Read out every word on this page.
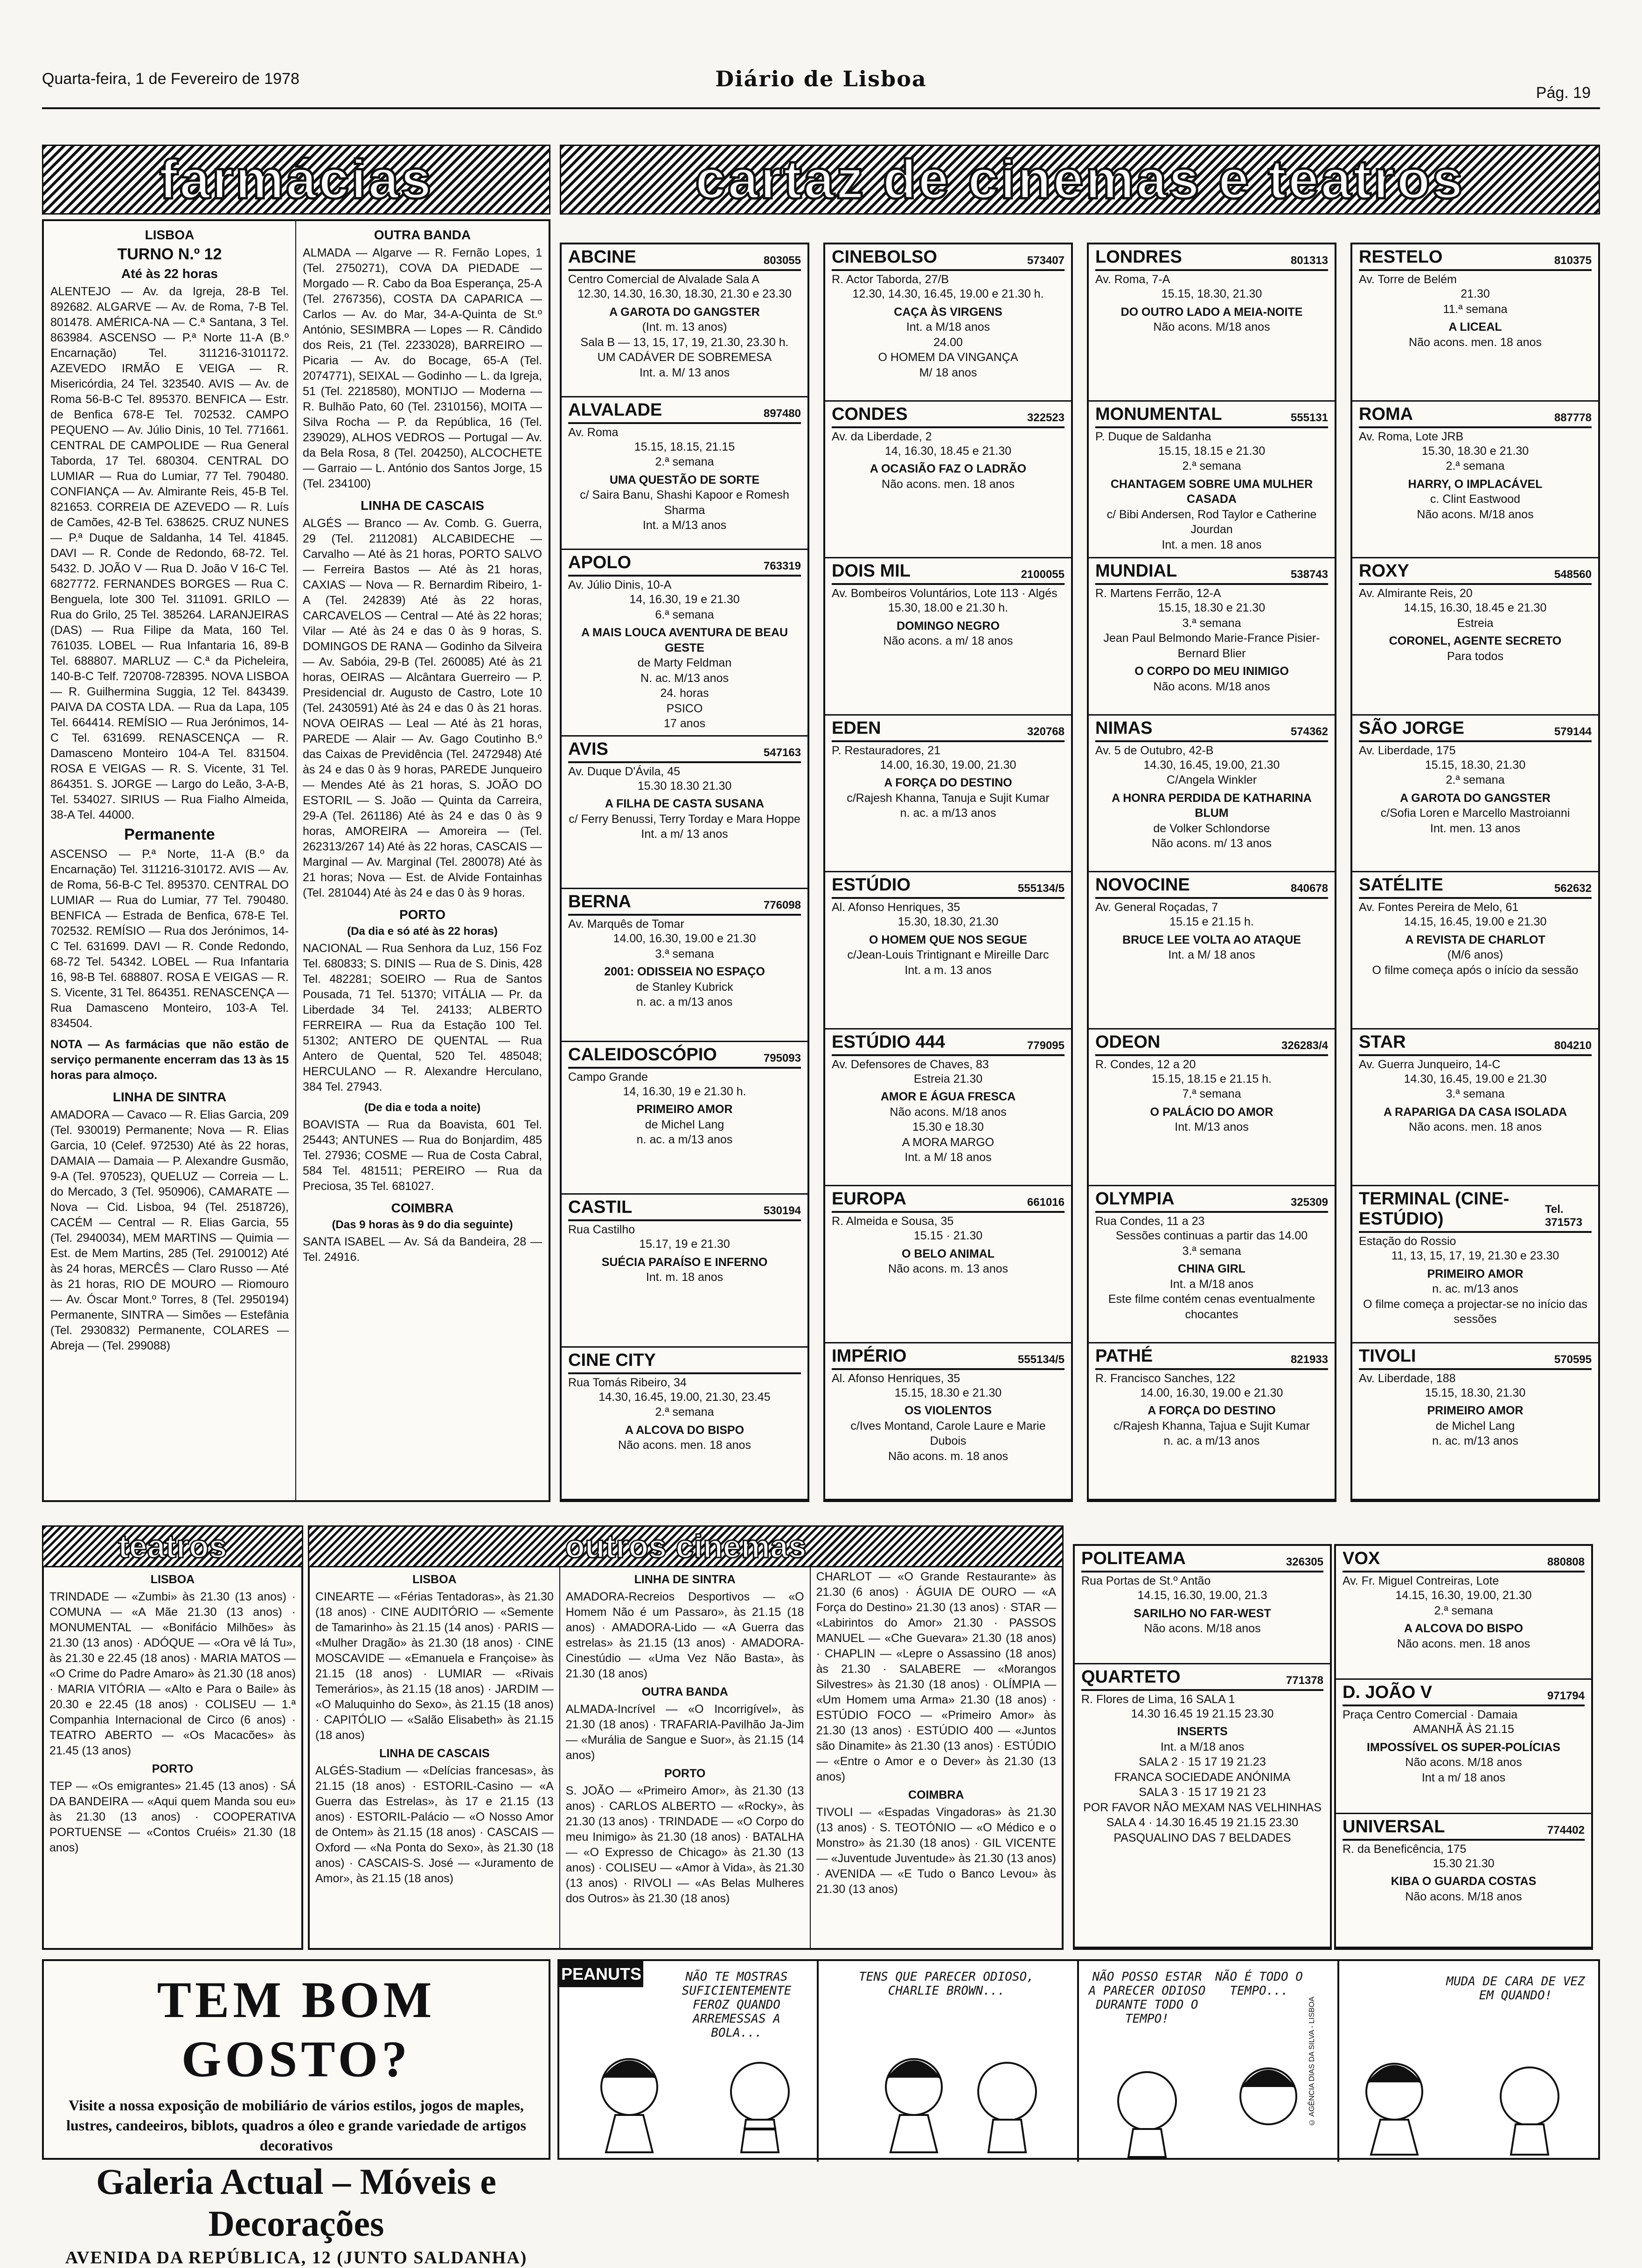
Quarta-feira, 1 de Fevereiro de 1978	Diário de Lisboa
Pág. 19
farmácias	cartaz de cinemas e teatros
LISBOA
TURNO N.º 12
Até às 22 horas
ALENTEJO — Av. da Igreja, 28-B Tel. 892682. ALGARVE — Av. de Roma, 7-B Tel. 801478. AMÉRICA-NA — C.ª Santana, 3 Tel. 863984. ASCENSO — P.ª Norte 11-A (B.º Encarnação) Tel. 311216-3101172. AZEVEDO IRMÃO E VEIGA — R. Misericórdia, 24 Tel. 323540. AVIS — Av. de Roma 56-B-C Tel. 895370. BENFICA — Estr. de Benfica 678-E Tel. 702532. CAMPO PEQUENO — Av. Júlio Dinis, 10 Tel. 771661. CENTRAL DE CAMPOLIDE — Rua General Taborda, 17 Tel. 680304. CENTRAL DO LUMIAR — Rua do Lumiar, 77 Tel. 790480. CONFIANÇA — Av. Almirante Reis, 45-B Tel. 821653. CORREIA DE AZEVEDO — R. Luís de Camões, 42-B Tel. 638625. CRUZ NUNES — P.ª Duque de Saldanha, 14 Tel. 41845. DAVI — R. Conde de Redondo, 68-72. Tel. 5432. D. JOÃO V — Rua D. João V 16-C Tel. 6827772. FERNANDES BORGES — Rua C. Benguela, lote 300 Tel. 311091. GRILO — Rua do Grilo, 25 Tel. 385264. LARANJEIRAS (DAS) — Rua Filipe da Mata, 160 Tel. 761035. LOBEL — Rua Infantaria 16, 89-B Tel. 688807. MARLUZ — C.ª da Picheleira, 140-B-C Telf. 720708-728395. NOVA LISBOA — R. Guilhermina Suggia, 12 Tel. 843439. PAIVA DA COSTA LDA. — Rua da Lapa, 105 Tel. 664414. REMÍSIO — Rua Jerónimos, 14-C Tel. 631699. RENASCENÇA — R. Damasceno Monteiro 104-A Tel. 831504. ROSA E VEIGAS — R. S. Vicente, 31 Tel. 864351. S. JORGE — Largo do Leão, 3-A-B, Tel. 534027. SIRIUS — Rua Fialho Almeida, 38-A Tel. 44000.
Permanente
ASCENSO — P.ª Norte, 11-A (B.º da Encarnação) Tel. 311216-310172. AVIS — Av. de Roma, 56-B-C Tel. 895370. CENTRAL DO LUMIAR — Rua do Lumiar, 77 Tel. 790480. BENFICA — Estrada de Benfica, 678-E Tel. 702532. REMÍSIO — Rua dos Jerónimos, 14-C Tel. 631699. DAVI — R. Conde Redondo, 68-72 Tel. 54342. LOBEL — Rua Infantaria 16, 98-B Tel. 688807. ROSA E VEIGAS — R. S. Vicente, 31 Tel. 864351. RENASCENÇA — Rua Damasceno Monteiro, 103-A Tel. 834504.
NOTA — As farmácias que não estão de serviço permanente encerram das 13 às 15 horas para almoço.
LINHA DE SINTRA
AMADORA — Cavaco — R. Elias Garcia, 209 (Tel. 930019) Permanente; Nova — R. Elias Garcia, 10 (Celef. 972530) Até às 22 horas, DAMAIA — Damaia — P. Alexandre Gusmão, 9-A (Tel. 970523), QUELUZ — Correia — L. do Mercado, 3 (Tel. 950906), CAMARATE — Nova — Cid. Lisboa, 94 (Tel. 2518726), CACÉM — Central — R. Elias Garcia, 55 (Tel. 2940034), MEM MARTINS — Quimia — Est. de Mem Martins, 285 (Tel. 2910012) Até às 24 horas, MERCÊS — Claro Russo — Até às 21 horas, RIO DE MOURO — Riomouro — Av. Óscar Mont.º Torres, 8 (Tel. 2950194) Permanente, SINTRA — Simões — Estefânia (Tel. 2930832) Permanente, COLARES — Abreja — (Tel. 299088)
OUTRA BANDA
ALMADA — Algarve — R. Fernão Lopes, 1 (Tel. 2750271), COVA DA PIEDADE — Morgado — R. Cabo da Boa Esperança, 25-A (Tel. 2767356), COSTA DA CAPARICA — Carlos — Av. do Mar, 34-A-Quinta de St.º António, SESIMBRA — Lopes — R. Cândido dos Reis, 21 (Tel. 2233028), BARREIRO — Picaria — Av. do Bocage, 65-A (Tel. 2074771), SEIXAL — Godinho — L. da Igreja, 51 (Tel. 2218580), MONTIJO — Moderna — R. Bulhão Pato, 60 (Tel. 2310156), MOITA — Silva Rocha — P. da República, 16 (Tel. 239029), ALHOS VEDROS — Portugal — Av. da Bela Rosa, 8 (Tel. 204250), ALCOCHETE — Garraio — L. António dos Santos Jorge, 15 (Tel. 234100)
LINHA DE CASCAIS
ALGÉS — Branco — Av. Comb. G. Guerra, 29 (Tel. 2112081) ALCABIDECHE — Carvalho — Até às 21 horas, PORTO SALVO — Ferreira Bastos — Até às 21 horas, CAXIAS — Nova — R. Bernardim Ribeiro, 1-A (Tel. 242839) Até às 22 horas, CARCAVELOS — Central — Até às 22 horas; Vilar — Até às 24 e das 0 às 9 horas, S. DOMINGOS DE RANA — Godinho da Silveira — Av. Sabóia, 29-B (Tel. 260085) Até às 21 horas, OEIRAS — Alcântara Guerreiro — P. Presidencial dr. Augusto de Castro, Lote 10 (Tel. 2430591) Até às 24 e das 0 às 21 horas. NOVA OEIRAS — Leal — Até às 21 horas, PAREDE — Alair — Av. Gago Coutinho B.º das Caixas de Previdência (Tel. 2472948) Até às 24 e das 0 às 9 horas, PAREDE Junqueiro — Mendes Até às 21 horas, S. JOÃO DO ESTORIL — S. João — Quinta da Carreira, 29-A (Tel. 261186) Até às 24 e das 0 às 9 horas, AMOREIRA — Amoreira — (Tel. 262313/267 14) Até às 22 horas, CASCAIS — Marginal — Av. Marginal (Tel. 280078) Até às 21 horas; Nova — Est. de Alvide Fontainhas (Tel. 281044) Até às 24 e das 0 às 9 horas.
PORTO
(Da dia e só até às 22 horas)
NACIONAL — Rua Senhora da Luz, 156 Foz Tel. 680833; S. DINIS — Rua de S. Dinis, 428 Tel. 482281; SOEIRO — Rua de Santos Pousada, 71 Tel. 51370; VITÁLIA — Pr. da Liberdade 34 Tel. 24133; ALBERTO FERREIRA — Rua da Estação 100 Tel. 51302; ANTERO DE QUENTAL — Rua Antero de Quental, 520 Tel. 485048; HERCULANO — R. Alexandre Herculano, 384 Tel. 27943.
(De dia e toda a noite)
BOAVISTA — Rua da Boavista, 601 Tel. 25443; ANTUNES — Rua do Bonjardim, 485 Tel. 27936; COSME — Rua de Costa Cabral, 584 Tel. 481511; PEREIRO — Rua da Preciosa, 35 Tel. 681027.
COIMBRA
(Das 9 horas às 9 do dia seguinte)
SANTA ISABEL — Av. Sá da Bandeira, 28 — Tel. 24916.
ABCINE	803055
Centro Comercial de Alvalade Sala A
12.30, 14.30, 16.30, 18.30, 21.30 e 23.30
A GAROTA DO GANGSTER
(Int. m. 13 anos)
Sala B — 13, 15, 17, 19, 21.30, 23.30 h.
UM CADÁVER DE SOBREMESA
Int. a. M/ 13 anos
ALVALADE	897480
Av. Roma
15.15, 18.15, 21.15
2.ª semana
UMA QUESTÃO DE SORTE
c/ Saira Banu, Shashi Kapoor e Romesh Sharma
Int. a M/13 anos
APOLO	763319
Av. Júlio Dinis, 10-A
14, 16.30, 19 e 21.30
6.ª semana
A MAIS LOUCA AVENTURA DE BEAU GESTE
de Marty Feldman
N. ac. M/13 anos
24. horas
PSICO
17 anos
AVIS	547163
Av. Duque D'Ávila, 45
15.30 18.30 21.30
A FILHA DE CASTA SUSANA
c/ Ferry Benussi, Terry Torday e Mara Hoppe
Int. a m/ 13 anos
BERNA	776098
Av. Marquês de Tomar
14.00, 16.30, 19.00 e 21.30
3.ª semana
2001: ODISSEIA NO ESPAÇO
de Stanley Kubrick
n. ac. a m/13 anos
CALEIDOSCÓPIO	795093
Campo Grande
14, 16.30, 19 e 21.30 h.
PRIMEIRO AMOR
de Michel Lang
n. ac. a m/13 anos
CASTIL	530194
Rua Castilho
15.17, 19 e 21.30
SUÉCIA PARAÍSO E INFERNO
Int. m. 18 anos
CINE CITY
Rua Tomás Ribeiro, 34
14.30, 16.45, 19.00, 21.30, 23.45
2.ª semana
A ALCOVA DO BISPO
Não acons. men. 18 anos
CINEBOLSO	573407
R. Actor Taborda, 27/B
12.30, 14.30, 16.45, 19.00 e 21.30 h.
CAÇA ÀS VIRGENS
Int. a M/18 anos
24.00
O HOMEM DA VINGANÇA
M/ 18 anos
CONDES	322523
Av. da Liberdade, 2
14, 16.30, 18.45 e 21.30
A OCASIÃO FAZ O LADRÃO
Não acons. men. 18 anos
DOIS MIL	2100055
Av. Bombeiros Voluntários, Lote 113 · Algés
15.30, 18.00 e 21.30 h.
DOMINGO NEGRO
Não acons. a m/ 18 anos
EDEN	320768
P. Restauradores, 21
14.00, 16.30, 19.00, 21.30
A FORÇA DO DESTINO
c/Rajesh Khanna, Tanuja e Sujit Kumar
n. ac. a m/13 anos
ESTÚDIO	555134/5
Al. Afonso Henriques, 35
15.30, 18.30, 21.30
O HOMEM QUE NOS SEGUE
c/Jean-Louis Trintignant e Mireille Darc
Int. a m. 13 anos
ESTÚDIO 444	779095
Av. Defensores de Chaves, 83
Estreia 21.30
AMOR E ÁGUA FRESCA
Não acons. M/18 anos
15.30 e 18.30
A MORA MARGO
Int. a M/ 18 anos
EUROPA	661016
R. Almeida e Sousa, 35
15.15 · 21.30
O BELO ANIMAL
Não acons. m. 13 anos
IMPÉRIO	555134/5
Al. Afonso Henriques, 35
15.15, 18.30 e 21.30
OS VIOLENTOS
c/Ives Montand, Carole Laure e Marie Dubois
Não acons. m. 18 anos
LONDRES	801313
Av. Roma, 7-A
15.15, 18.30, 21.30
DO OUTRO LADO A MEIA-NOITE
Não acons. M/18 anos
MONUMENTAL	555131
P. Duque de Saldanha
15.15, 18.15 e 21.30
2.ª semana
CHANTAGEM SOBRE UMA MULHER CASADA
c/ Bibi Andersen, Rod Taylor e Catherine Jourdan
Int. a men. 18 anos
MUNDIAL	538743
R. Martens Ferrão, 12-A
15.15, 18.30 e 21.30
3.ª semana
Jean Paul Belmondo Marie-France Pisier-Bernard Blier
O CORPO DO MEU INIMIGO
Não acons. M/18 anos
NIMAS	574362
Av. 5 de Outubro, 42-B
14.30, 16.45, 19.00, 21.30
C/Angela Winkler
A HONRA PERDIDA DE KATHARINA BLUM
de Volker Schlondorse
Não acons. m/ 13 anos
NOVOCINE	840678
Av. General Roçadas, 7
15.15 e 21.15 h.
BRUCE LEE VOLTA AO ATAQUE
Int. a M/ 18 anos
ODEON	326283/4
R. Condes, 12 a 20
15.15, 18.15 e 21.15 h.
7.ª semana
O PALÁCIO DO AMOR
Int. M/13 anos
OLYMPIA	325309
Rua Condes, 11 a 23
Sessões continuas a partir das 14.00
3.ª semana
CHINA GIRL
Int. a M/18 anos
Este filme contém cenas eventualmente chocantes
PATHÉ	821933
R. Francisco Sanches, 122
14.00, 16.30, 19.00 e 21.30
A FORÇA DO DESTINO
c/Rajesh Khanna, Tajua e Sujit Kumar
n. ac. a m/13 anos
RESTELO	810375
Av. Torre de Belém
21.30
11.ª semana
A LICEAL
Não acons. men. 18 anos
ROMA	887778
Av. Roma, Lote JRB
15.30, 18.30 e 21.30
2.ª semana
HARRY, O IMPLACÁVEL
c. Clint Eastwood
Não acons. M/18 anos
ROXY	548560
Av. Almirante Reis, 20
14.15, 16.30, 18.45 e 21.30
Estreia
CORONEL, AGENTE SECRETO
Para todos
SÃO JORGE	579144
Av. Liberdade, 175
15.15, 18.30, 21.30
2.ª semana
A GAROTA DO GANGSTER
c/Sofia Loren e Marcello Mastroianni
Int. men. 13 anos
SATÉLITE	562632
Av. Fontes Pereira de Melo, 61
14.15, 16.45, 19.00 e 21.30
A REVISTA DE CHARLOT
(M/6 anos)
O filme começa após o início da sessão
STAR	804210
Av. Guerra Junqueiro, 14-C
14.30, 16.45, 19.00 e 21.30
3.ª semana
A RAPARIGA DA CASA ISOLADA
Não acons. men. 18 anos
TERMINAL (CINE-ESTÚDIO)	Tel. 371573
Estação do Rossio
11, 13, 15, 17, 19, 21.30 e 23.30
PRIMEIRO AMOR
n. ac. m/13 anos
O filme começa a projectar-se no início das sessões
TIVOLI	570595
Av. Liberdade, 188
15.15, 18.30, 21.30
PRIMEIRO AMOR
de Michel Lang
n. ac. m/13 anos
POLITEAMA	326305
Rua Portas de St.º Antão
14.15, 16.30, 19.00, 21.3
SARILHO NO FAR-WEST
Não acons. M/18 anos
QUARTETO	771378
R. Flores de Lima, 16 SALA 1
14.30 16.45 19 21.15 23.30
INSERTS
Int. a M/18 anos
SALA 2 · 15 17 19 21.23
FRANCA SOCIEDADE ANÓNIMA
SALA 3 · 15 17 19 21 23
POR FAVOR NÃO MEXAM NAS VELHINHAS
SALA 4 · 14.30 16.45 19 21.15 23.30
PASQUALINO DAS 7 BELDADES
VOX	880808
Av. Fr. Miguel Contreiras, Lote
14.15, 16.30, 19.00, 21.30
2.ª semana
A ALCOVA DO BISPO
Não acons. men. 18 anos
D. JOÃO V	971794
Praça Centro Comercial · Damaia
AMANHÃ ÀS 21.15
IMPOSSÍVEL OS SUPER-POLÍCIAS
Não acons. M/18 anos
Int a m/ 18 anos
UNIVERSAL	774402
R. da Beneficência, 175
15.30 21.30
KIBA O GUARDA COSTAS
Não acons. M/18 anos
teatros
LISBOA
TRINDADE — «Zumbi» às 21.30 (13 anos) · COMUNA — «A Mãe 21.30 (13 anos) · MONUMENTAL — «Bonifácio Milhões» às 21.30 (13 anos) · ADÓQUE — «Ora vê lá Tu», às 21.30 e 22.45 (18 anos) · MARIA MATOS — «O Crime do Padre Amaro» às 21.30 (18 anos) · MARIA VITÓRIA — «Alto e Para o Baile» às 20.30 e 22.45 (18 anos) · COLISEU — 1.ª Companhia Internacional de Circo (6 anos) · TEATRO ABERTO — «Os Macacões» às 21.45 (13 anos)
PORTO
TEP — «Os emigrantes» 21.45 (13 anos) · SÁ DA BANDEIRA — «Aqui quem Manda sou eu» às 21.30 (13 anos) · COOPERATIVA PORTUENSE — «Contos Cruéis» 21.30 (18 anos)
outros cinemas
LISBOA
CINEARTE — «Férias Tentadoras», às 21.30 (18 anos) · CINE AUDITÓRIO — «Semente de Tamarinho» às 21.15 (14 anos) · PARIS — «Mulher Dragão» às 21.30 (18 anos) · CINE MOSCAVIDE — «Emanuela e Françoise» às 21.15 (18 anos) · LUMIAR — «Rivais Temerários», às 21.15 (18 anos) · JARDIM — «O Maluquinho do Sexo», às 21.15 (18 anos) · CAPITÓLIO — «Salão Elisabeth» às 21.15 (18 anos)
LINHA DE CASCAIS
ALGÉS-Stadium — «Delícias francesas», às 21.15 (18 anos) · ESTORIL-Casino — «A Guerra das Estrelas», às 17 e 21.15 (13 anos) · ESTORIL-Palácio — «O Nosso Amor de Ontem» às 21.15 (18 anos) · CASCAIS — Oxford — «Na Ponta do Sexo», às 21.30 (18 anos) · CASCAIS-S. José — «Juramento de Amor», às 21.15 (18 anos)
LINHA DE SINTRA
AMADORA-Recreios Desportivos — «O Homem Não é um Passaro», às 21.15 (18 anos) · AMADORA-Lido — «A Guerra das estrelas» às 21.15 (13 anos) · AMADORA-Cinestúdio — «Uma Vez Não Basta», às 21.30 (18 anos)
OUTRA BANDA
ALMADA-Incrível — «O Incorrigível», às 21.30 (18 anos) · TRAFARIA-Pavilhão Ja-Jim — «Murália de Sangue e Suor», às 21.15 (14 anos)
PORTO
S. JOÃO — «Primeiro Amor», às 21.30 (13 anos) · CARLOS ALBERTO — «Rocky», às 21.30 (13 anos) · TRINDADE — «O Corpo do meu Inimigo» às 21.30 (18 anos) · BATALHA — «O Expresso de Chicago» às 21.30 (13 anos) · COLISEU — «Amor à Vida», às 21.30 (13 anos) · RIVOLI — «As Belas Mulheres dos Outros» às 21.30 (18 anos)
CHARLOT — «O Grande Restaurante» às 21.30 (6 anos) · ÁGUIA DE OURO — «A Força do Destino» 21.30 (13 anos) · STAR — «Labirintos do Amor» 21.30 · PASSOS MANUEL — «Che Guevara» 21.30 (18 anos) · CHAPLIN — «Lepre o Assassino (18 anos) às 21.30 · SALABERE — «Morangos Silvestres» às 21.30 (18 anos) · OLÍMPIA — «Um Homem uma Arma» 21.30 (18 anos) · ESTÚDIO FOCO — «Primeiro Amor» às 21.30 (13 anos) · ESTÚDIO 400 — «Juntos são Dinamite» às 21.30 (13 anos) · ESTÚDIO — «Entre o Amor e o Dever» às 21.30 (13 anos)
COIMBRA
TIVOLI — «Espadas Vingadoras» às 21.30 (13 anos) · S. TEOTÓNIO — «O Médico e o Monstro» às 21.30 (18 anos) · GIL VICENTE — «Juventude Juventude» às 21.30 (13 anos) · AVENIDA — «E Tudo o Banco Levou» às 21.30 (13 anos)
TEM BOM GOSTO?
Visite a nossa exposição de mobiliário de vários estilos, jogos de maples, lustres, candeeiros, biblots, quadros a óleo e grande variedade de artigos decorativos
Galeria Actual – Móveis e Decorações
AVENIDA DA REPÚBLICA, 12 (JUNTO SALDANHA)
PEANUTS	NÃO TE MOSTRAS SUFICIENTEMENTE FEROZ QUANDO ARREMESSAS A BOLA...
TENS QUE PARECER ODIOSO, CHARLIE BROWN...
NÃO POSSO ESTAR A PARECER ODIOSO DURANTE TODO O TEMPO!
NÃO É TODO O TEMPO...
MUDA DE CARA DE VEZ EM QUANDO!
© AGÊNCIA DIAS DA SILVA - LISBOA
